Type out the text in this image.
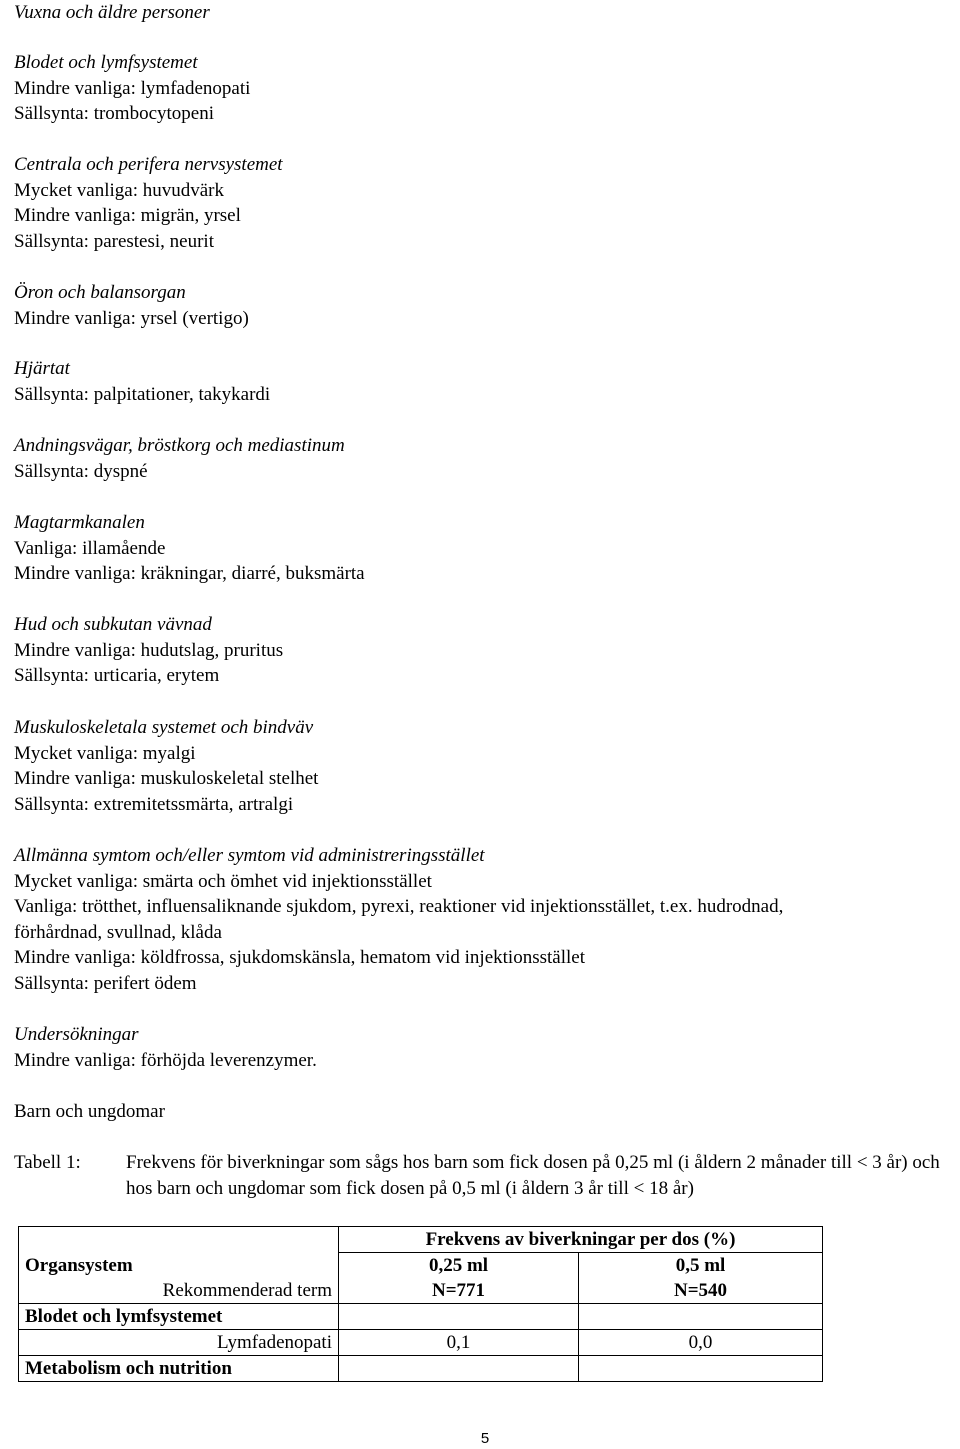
Vuxna och äldre personer
Blodet och lymfsystemet
Mindre vanliga: lymfadenopati
Sällsynta: trombocytopeni
Centrala och perifera nervsystemet
Mycket vanliga: huvudvärk
Mindre vanliga: migrän, yrsel
Sällsynta: parestesi, neurit
Öron och balansorgan
Mindre vanliga: yrsel (vertigo)
Hjärtat
Sällsynta: palpitationer, takykardi
Andningsvägar, bröstkorg och mediastinum
Sällsynta: dyspné
Magtarmkanalen
Vanliga: illamående
Mindre vanliga: kräkningar, diarré, buksmärta
Hud och subkutan vävnad
Mindre vanliga: hudutslag, pruritus
Sällsynta: urticaria, erytem
Muskuloskeletala systemet och bindväv
Mycket vanliga: myalgi
Mindre vanliga: muskuloskeletal stelhet
Sällsynta: extremitetssmärta, artralgi
Allmänna symtom och/eller symtom vid administreringsstället
Mycket vanliga: smärta och ömhet vid injektionsstället
Vanliga: trötthet, influensaliknande sjukdom, pyrexi, reaktioner vid injektionsstället, t.ex. hudrodnad,
förhårdnad, svullnad, klåda
Mindre vanliga: köldfrossa, sjukdomskänsla, hematom vid injektionsstället
Sällsynta: perifert ödem
Undersökningar
Mindre vanliga: förhöjda leverenzymer.
Barn och ungdomar
Tabell 1: Frekvens för biverkningar som sågs hos barn som fick dosen på 0,25 ml (i åldern 2 månader till < 3 år) och hos barn och ungdomar som fick dosen på 0,5 ml (i åldern 3 år till < 18 år)
	Frekvens av biverkningar per dos (%)	
Organsystem	0,25 ml	0,5 ml
Rekommenderad term	N=771	N=540
Blodet och lymfsystemet		
Lymfadenopati	0,1	0,0
Metabolism och nutrition		
5
